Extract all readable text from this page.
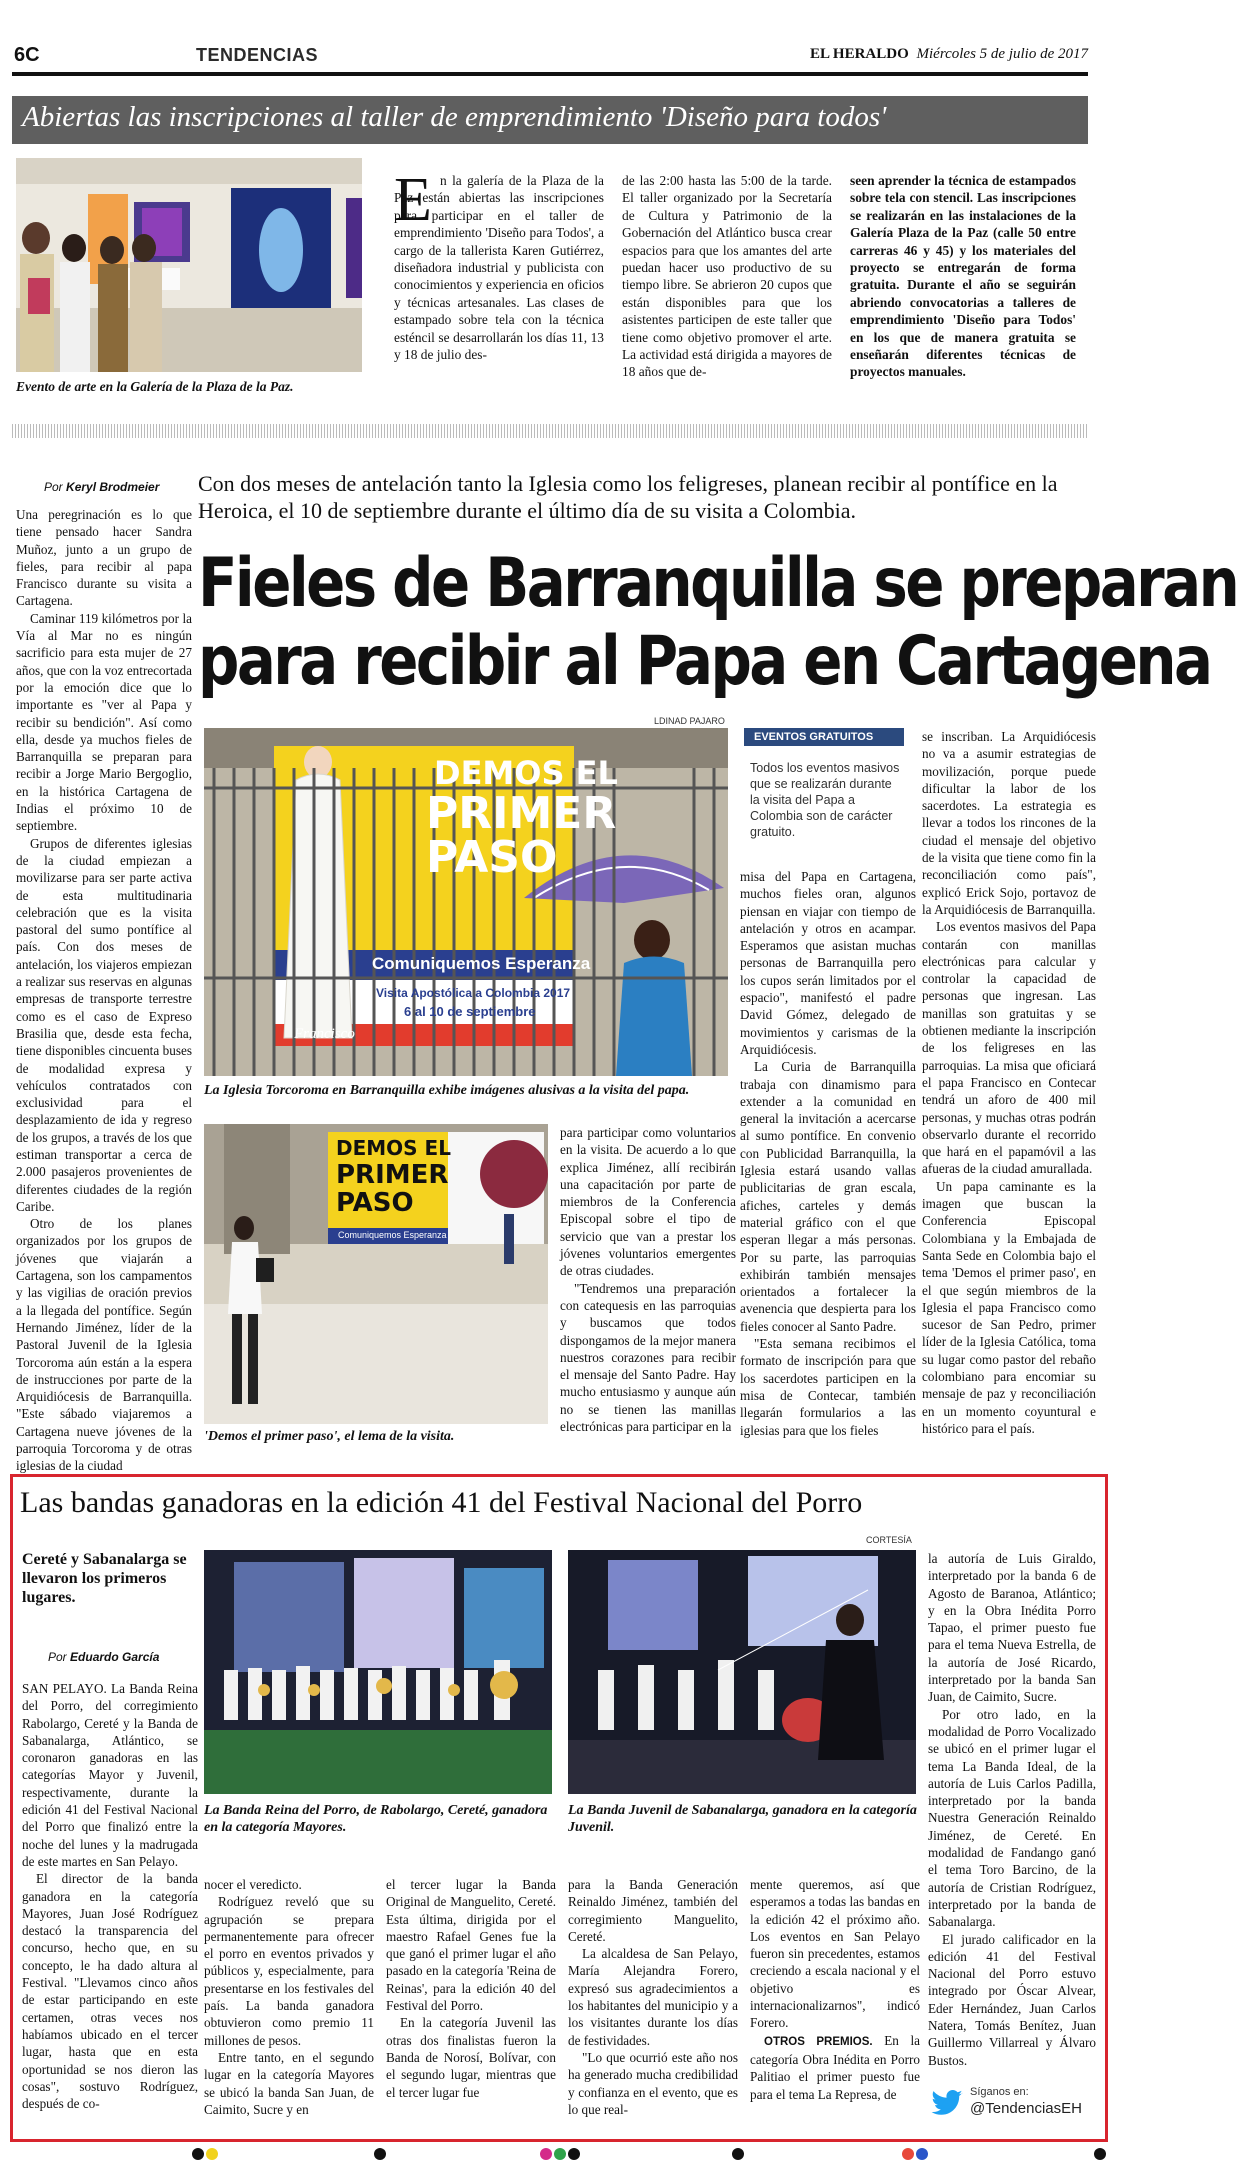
6C	TENDENCIAS	EL HERALDO Miércoles 5 de julio de 2017
Abiertas las inscripciones al taller de emprendimiento 'Diseño para todos'
Evento de arte en la Galería de la Plaza de la Paz.
E n la galería de la Plaza de la Paz están abiertas las inscripciones para participar en el taller de emprendimiento 'Diseño para Todos', a cargo de la tallerista Karen Gutiérrez, diseñadora industrial y publicista con conocimientos y experiencia en oficios y técnicas artesanales. Las clases de estampado sobre tela con la técnica esténcil se desarrollarán los días 11, 13 y 18 de julio des-

de las 2:00 hasta las 5:00 de la tarde. El taller organizado por la Secretaría de Cultura y Patrimonio de la Gobernación del Atlántico busca crear espacios para que los amantes del arte puedan hacer uso productivo de su tiempo libre. Se abrieron 20 cupos que están disponibles para que los asistentes participen de este taller que tiene como objetivo promover el arte. La actividad está dirigida a mayores de 18 años que de-

seen aprender la técnica de estampados sobre tela con stencil. Las inscripciones se realizarán en las instalaciones de la Galería Plaza de la Paz (calle 50 entre carreras 46 y 45) y los materiales del proyecto se entregarán de forma gratuita. Durante el año se seguirán abriendo convocatorias a talleres de emprendimiento 'Diseño para Todos' en los que de manera gratuita se enseñarán diferentes técnicas de proyectos manuales.

Por Keryl Brodmeier Con dos meses de antelación tanto la Iglesia como los feligreses, planean recibir al pontífice en la Heroica, el 10 de septiembre durante el último día de su visita a Colombia.
Fieles de Barranquilla se preparan
para recibir al Papa en Cartagena

Una peregrinación es lo que tiene pensado hacer Sandra Muñoz, junto a un grupo de fieles, para recibir al papa Francisco durante su visita a Cartagena.

Caminar 119 kilómetros por la Vía al Mar no es ningún sacrificio para esta mujer de 27 años, que con la voz entrecortada por la emoción dice que lo importante es "ver al Papa y recibir su bendición". Así como ella, desde ya muchos fieles de Barranquilla se preparan para recibir a Jorge Mario Bergoglio, en la histórica Cartagena de Indias el próximo 10 de septiembre.

Grupos de diferentes iglesias de la ciudad empiezan a movilizarse para ser parte activa de esta multitudinaria celebración que es la visita pastoral del sumo pontífice al país. Con dos meses de antelación, los viajeros empiezan a realizar sus reservas en algunas empresas de transporte terrestre como es el caso de Expreso Brasilia que, desde esta fecha, tiene disponibles cincuenta buses de modalidad expresa y vehículos contratados con exclusividad para el desplazamiento de ida y regreso de los grupos, a través de los que estiman transportar a cerca de 2.000 pasajeros provenientes de diferentes ciudades de la región Caribe.

Otro de los planes organizados por los grupos de jóvenes que viajarán a Cartagena, son los campamentos y las vigilias de oración previos a la llegada del pontífice. Según Hernando Jiménez, líder de la Pastoral Juvenil de la Iglesia Torcoroma aún están a la espera de instrucciones por parte de la Arquidiócesis de Barranquilla. "Este sábado viajaremos a Cartagena nueve jóvenes de la parroquia Torcoroma y de otras iglesias de la ciudad

LDINAD PAJARO
DEMOS EL
PRIMER
PASO
Comuniquemos Esperanza
Visita Apostólica a Colombia 2017
6 al 10 de septiembre
Francisco
La Iglesia Torcoroma en Barranquilla exhibe imágenes alusivas a la visita del papa.
EVENTOS GRATUITOS
Todos los eventos masivos que se realizarán durante la visita del Papa a Colombia son de carácter gratuito.

misa del Papa en Cartagena, muchos fieles oran, algunos piensan en viajar con tiempo de antelación y otros en acampar. Esperamos que asistan muchas personas de Barranquilla pero los cupos serán limitados por el espacio", manifestó el padre David Gómez, delegado de movimientos y carismas de la Arquidiócesis.

La Curia de Barranquilla trabaja con dinamismo para extender a la comunidad en general la invitación a acercarse al sumo pontífice. En convenio con Publicidad Barranquilla, la Iglesia estará usando vallas publicitarias de gran escala, afiches, carteles y demás material gráfico con el que esperan llegar a más personas. Por su parte, las parroquias exhibirán también mensajes orientados a fortalecer la avenencia que despierta para los fieles conocer al Santo Padre.

"Esta semana recibimos el formato de inscripción para que los sacerdotes participen en la misa de Contecar, también llegarán formularios a las iglesias para que los fieles

se inscriban. La Arquidiócesis no va a asumir estrategias de movilización, porque puede dificultar la labor de los sacerdotes. La estrategia es llevar a todos los rincones de la ciudad el mensaje del objetivo de la visita que tiene como fin la reconciliación como país", explicó Erick Sojo, portavoz de la Arquidiócesis de Barranquilla.

Los eventos masivos del Papa contarán con manillas electrónicas para calcular y controlar la capacidad de personas que ingresan. Las manillas son gratuitas y se obtienen mediante la inscripción de los feligreses en las parroquias. La misa que oficiará el papa Francisco en Contecar tendrá un aforo de 400 mil personas, y muchas otras podrán observarlo durante el recorrido que hará en el papamóvil a las afueras de la ciudad amurallada.

Un papa caminante es la imagen que buscan la Conferencia Episcopal Colombiana y la Embajada de Santa Sede en Colombia bajo el tema 'Demos el primer paso', en el que según miembros de la Iglesia el papa Francisco como sucesor de San Pedro, primer líder de la Iglesia Católica, toma su lugar como pastor del rebaño colombiano para encomiar su mensaje de paz y reconciliación en un momento coyuntural e histórico para el país.

DEMOS EL
PRIMER
PASO
Comuniquemos Esperanza
'Demos el primer paso', el lema de la visita.

para participar como voluntarios en la visita. De acuerdo a lo que explica Jiménez, allí recibirán una capacitación por parte de miembros de la Conferencia Episcopal sobre el tipo de servicio que van a prestar los jóvenes voluntarios emergentes de otras ciudades.

"Tendremos una preparación con catequesis en las parroquias y buscamos que todos dispongamos de la mejor manera nuestros corazones para recibir el mensaje del Santo Padre. Hay mucho entusiasmo y aunque aún no se tienen las manillas electrónicas para participar en la

Las bandas ganadoras en la edición 41 del Festival Nacional del Porro
Cereté y Sabanalarga se llevaron los primeros lugares.
Por Eduardo García
CORTESÍA
La Banda Reina del Porro, de Rabolargo, Cereté, ganadora en la categoría Mayores.
La Banda Juvenil de Sabanalarga, ganadora en la categoría Juvenil.

SAN PELAYO. La Banda Reina del Porro, del corregimiento Rabolargo, Cereté y la Banda de Sabanalarga, Atlántico, se coronaron ganadoras en las categorías Mayor y Juvenil, respectivamente, durante la edición 41 del Festival Nacional del Porro que finalizó entre la noche del lunes y la madrugada de este martes en San Pelayo.

El director de la banda ganadora en la categoría Mayores, Juan José Rodríguez destacó la transparencia del concurso, hecho que, en su concepto, le ha dado altura al Festival. "Llevamos cinco años de estar participando en este certamen, otras veces nos habíamos ubicado en el tercer lugar, hasta que en esta oportunidad se nos dieron las cosas", sostuvo Rodríguez, después de co-

nocer el veredicto.

Rodríguez reveló que su agrupación se prepara permanentemente para ofrecer el porro en eventos privados y públicos y, especialmente, para presentarse en los festivales del país. La banda ganadora obtuvieron como premio 11 millones de pesos.

Entre tanto, en el segundo lugar en la categoría Mayores se ubicó la banda San Juan, de Caimito, Sucre y en

el tercer lugar la Banda Original de Manguelito, Cereté. Esta última, dirigida por el maestro Rafael Genes fue la que ganó el primer lugar el año pasado en la categoría 'Reina de Reinas', para la edición 40 del Festival del Porro.

En la categoría Juvenil las otras dos finalistas fueron la Banda de Norosí, Bolívar, con el segundo lugar, mientras que el tercer lugar fue

para la Banda Generación Reinaldo Jiménez, también del corregimiento Manguelito, Cereté.

La alcaldesa de San Pelayo, María Alejandra Forero, expresó sus agradecimientos a los habitantes del municipio y a los visitantes durante los días de festividades.

"Lo que ocurrió este año nos ha generado mucha credibilidad y confianza en el evento, que es lo que real-

mente queremos, así que esperamos a todas las bandas en la edición 42 el próximo año. Los eventos en San Pelayo fueron sin precedentes, estamos creciendo a escala nacional y el objetivo es internacionalizarnos", indicó Forero.

OTROS PREMIOS. En la categoría Obra Inédita en Porro Palitiao el primer puesto fue para el tema La Represa, de

la autoría de Luis Giraldo, interpretado por la banda 6 de Agosto de Baranoa, Atlántico; y en la Obra Inédita Porro Tapao, el primer puesto fue para el tema Nueva Estrella, de la autoría de José Ricardo, interpretado por la banda San Juan, de Caimito, Sucre.

Por otro lado, en la modalidad de Porro Vocalizado se ubicó en el primer lugar el tema La Banda Ideal, de la autoría de Luis Carlos Padilla, interpretado por la banda Nuestra Generación Reinaldo Jiménez, de Cereté. En modalidad de Fandango ganó el tema Toro Barcino, de la autoría de Cristian Rodríguez, interpretado por la banda de Sabanalarga.

El jurado calificador en la edición 41 del Festival Nacional del Porro estuvo integrado por Óscar Alvear, Eder Hernández, Juan Carlos Natera, Tomás Benítez, Juan Guillermo Villarreal y Álvaro Bustos.

Síganos en:
@TendenciasEH
